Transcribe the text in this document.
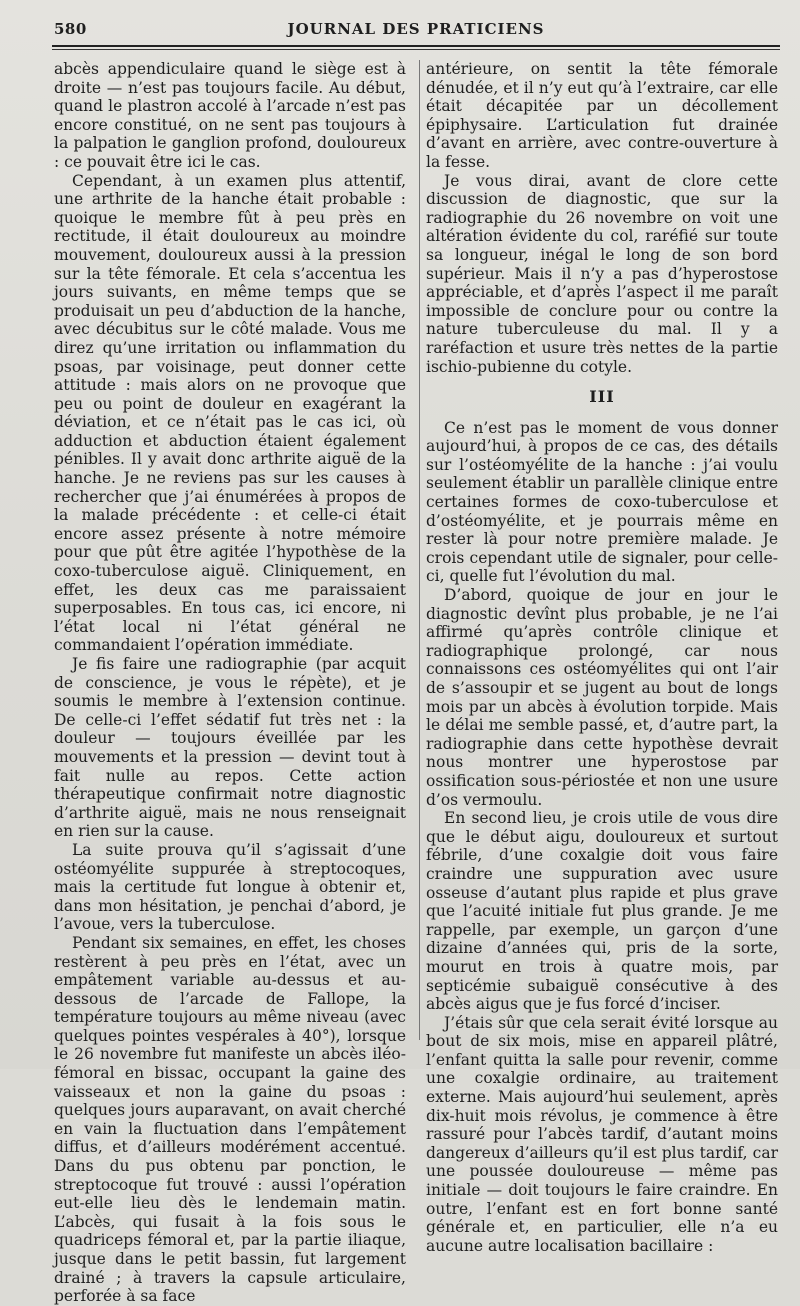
580	JOURNAL DES PRATICIENS

abcès appendiculaire quand le siège est à droite — n’est pas toujours facile. Au début, quand le plastron accolé à l’arcade n’est pas encore constitué, on ne sent pas toujours à la palpation le ganglion profond, douloureux : ce pouvait être ici le cas.

Cependant, à un examen plus attentif, une arthrite de la hanche était probable : quoique le membre fût à peu près en rectitude, il était douloureux au moindre mouvement, douloureux aussi à la pression sur la tête fémorale. Et cela s’accentua les jours suivants, en même temps que se produisait un peu d’abduction de la hanche, avec décubitus sur le côté malade. Vous me direz qu’une irritation ou inflammation du psoas, par voisinage, peut donner cette attitude : mais alors on ne provoque que peu ou point de douleur en exagérant la déviation, et ce n’était pas le cas ici, où adduction et abduction étaient également pénibles. Il y avait donc arthrite aiguë de la hanche. Je ne reviens pas sur les causes à rechercher que j’ai énumérées à propos de la malade précédente : et celle-ci était encore assez présente à notre mémoire pour que pût être agitée l’hypothèse de la coxo-tuberculose aiguë. Cliniquement, en effet, les deux cas me paraissaient superposables. En tous cas, ici encore, ni l’état local ni l’état général ne commandaient l’opération immédiate.

Je fis faire une radiographie (par acquit de conscience, je vous le répète), et je soumis le membre à l’extension continue. De celle-ci l’effet sédatif fut très net : la douleur — toujours éveillée par les mouvements et la pression — devint tout à fait nulle au repos. Cette action thérapeutique confirmait notre diagnostic d’arthrite aiguë, mais ne nous renseignait en rien sur la cause.

La suite prouva qu’il s’agissait d’une ostéomyélite suppurée à streptocoques, mais la certitude fut longue à obtenir et, dans mon hésitation, je penchai d’abord, je l’avoue, vers la tuberculose.

Pendant six semaines, en effet, les choses restèrent à peu près en l’état, avec un empâtement variable au-dessus et au-dessous de l’arcade de Fallope, la température toujours au même niveau (avec quelques pointes vespérales à 40°), lorsque le 26 novembre fut manifeste un abcès iléo-fémoral en bissac, occupant la gaine des vaisseaux et non la gaine du psoas : quelques jours auparavant, on avait cherché en vain la fluctuation dans l’empâtement diffus, et d’ailleurs modérément accentué. Dans du pus obtenu par ponction, le streptocoque fut trouvé : aussi l’opération eut-elle lieu dès le lendemain matin. L’abcès, qui fusait à la fois sous le quadriceps fémoral et, par la partie iliaque, jusque dans le petit bassin, fut largement drainé ; à travers la capsule articulaire, perforée à sa face

antérieure, on sentit la tête fémorale dénudée, et il n’y eut qu’à l’extraire, car elle était décapitée par un décollement épiphysaire. L’articulation fut drainée d’avant en arrière, avec contre-ouverture à la fesse.

Je vous dirai, avant de clore cette discussion de diagnostic, que sur la radiographie du 26 novembre on voit une altération évidente du col, raréfié sur toute sa longueur, inégal le long de son bord supérieur. Mais il n’y a pas d’hyperostose appréciable, et d’après l’aspect il me paraît impossible de conclure pour ou contre la nature tuberculeuse du mal. Il y a raréfaction et usure très nettes de la partie ischio-pubienne du cotyle.

III

Ce n’est pas le moment de vous donner aujourd’hui, à propos de ce cas, des détails sur l’ostéomyélite de la hanche : j’ai voulu seulement établir un parallèle clinique entre certaines formes de coxo-tuberculose et d’ostéomyélite, et je pourrais même en rester là pour notre première malade. Je crois cependant utile de signaler, pour celle-ci, quelle fut l’évolution du mal.

D’abord, quoique de jour en jour le diagnostic devînt plus probable, je ne l’ai affirmé qu’après contrôle clinique et radiographique prolongé, car nous connaissons ces ostéomyélites qui ont l’air de s’assoupir et se jugent au bout de longs mois par un abcès à évolution torpide. Mais le délai me semble passé, et, d’autre part, la radiographie dans cette hypothèse devrait nous montrer une hyperostose par ossification sous-périostée et non une usure d’os vermoulu.

En second lieu, je crois utile de vous dire que le début aigu, douloureux et surtout fébrile, d’une coxalgie doit vous faire craindre une suppuration avec usure osseuse d’autant plus rapide et plus grave que l’acuité initiale fut plus grande. Je me rappelle, par exemple, un garçon d’une dizaine d’années qui, pris de la sorte, mourut en trois à quatre mois, par septicémie subaiguë consécutive à des abcès aigus que je fus forcé d’inciser.

J’étais sûr que cela serait évité lorsque au bout de six mois, mise en appareil plâtré, l’enfant quitta la salle pour revenir, comme une coxalgie ordinaire, au traitement externe. Mais aujourd’hui seulement, après dix-huit mois révolus, je commence à être rassuré pour l’abcès tardif, d’autant moins dangereux d’ailleurs qu’il est plus tardif, car une poussée douloureuse — même pas initiale — doit toujours le faire craindre. En outre, l’enfant est en fort bonne santé générale et, en particulier, elle n’a eu aucune autre localisation bacillaire :
